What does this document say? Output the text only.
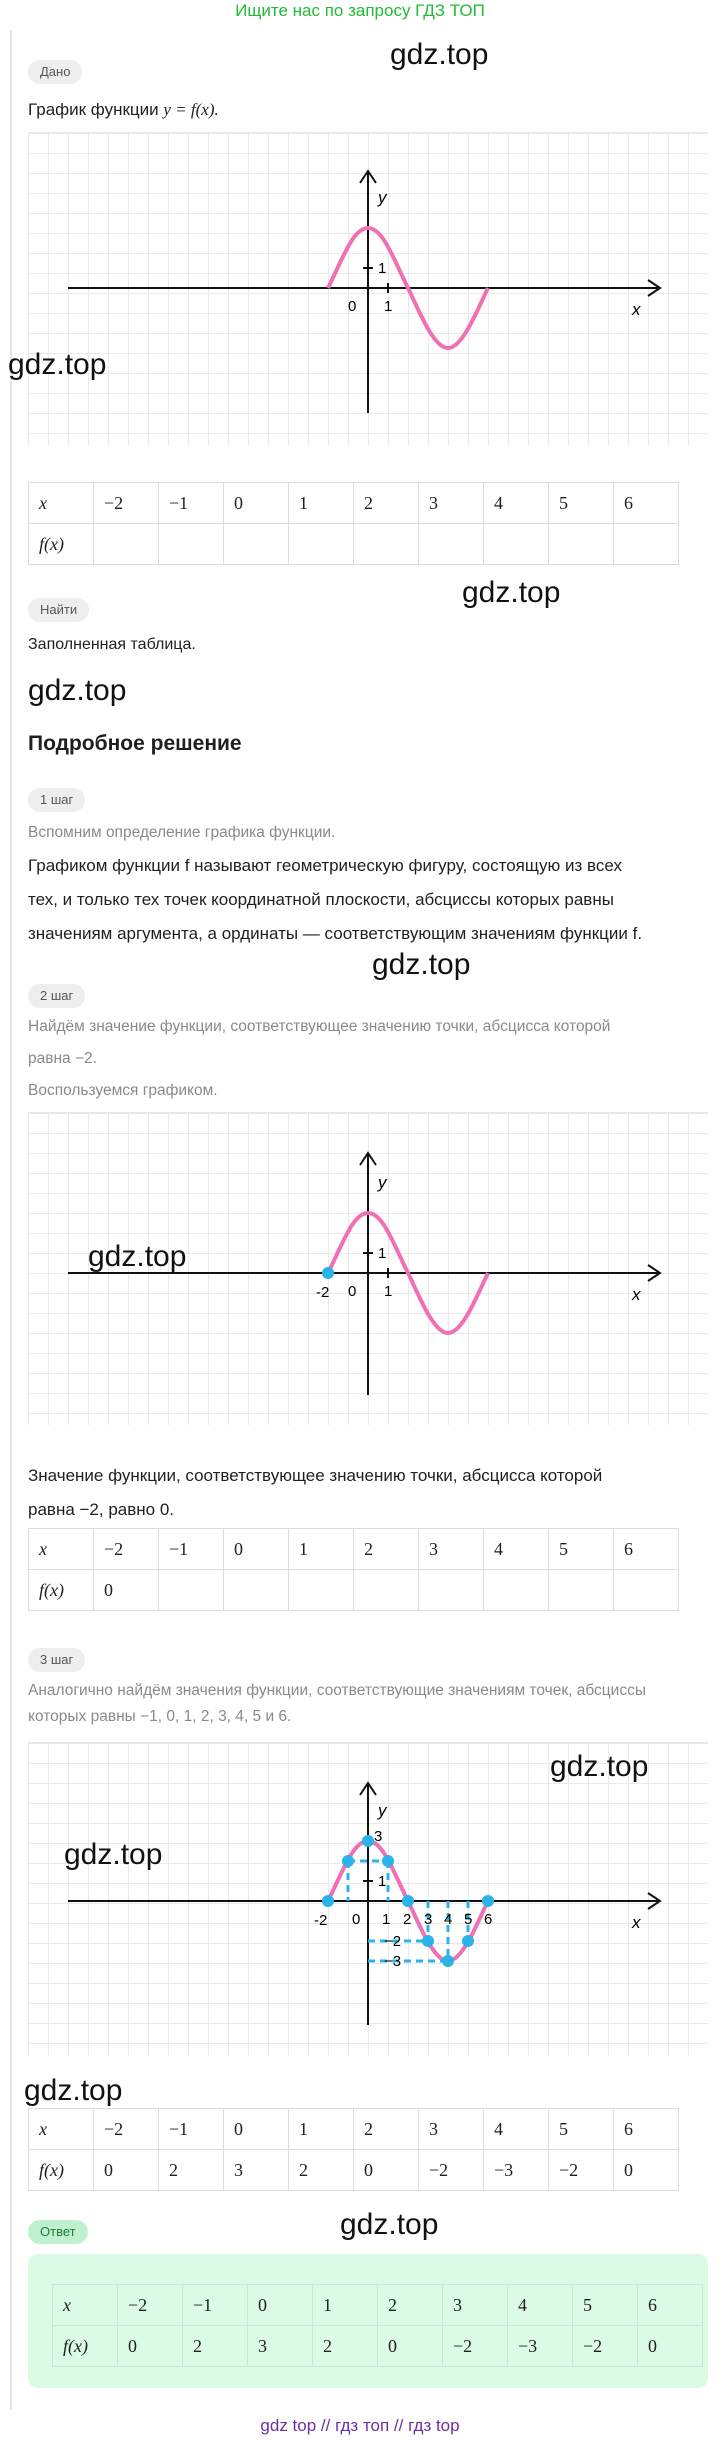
Ищите нас по запросу ГДЗ ТОП
Дано
gdz.top
График функции y = f(x).
y
x
0 1
1
gdz.top
x	−2	−1	0	1	2	3	4	5	6
f(x)									
Найти
gdz.top
Заполненная таблица.
gdz.top
Подробное решение
1 шаг
Вспомним определение графика функции.
Графиком функции f называют геометрическую фигуру, состоящую из всех
тех, и только тех точек координатной плоскости, абсциссы которых равны
значениям аргумента, а ординаты — соответствующим значениям функции f.
gdz.top
2 шаг
Найдём значение функции, соответствующее значению точки, абсцисса которой
равна −2.
Воспользуемся графиком.
y
x
-2 0 1
1
gdz.top
Значение функции, соответствующее значению точки, абсцисса которой
равна −2, равно 0.
x	−2	−1	0	1	2	3	4	5	6
f(x)	0								
3 шаг
Аналогично найдём значения функции, соответствующие значениям точек, абсциссы
которых равны −1, 0, 1, 2, 3, 4, 5 и 6.
y
x
3
1
-2 0 1 2 3 4 5 6
−2
−3
gdz.top
gdz.top
gdz.top
x	−2	−1	0	1	2	3	4	5	6
f(x)	0	2	3	2	0	−2	−3	−2	0
gdz.top
Ответ
x	−2	−1	0	1	2	3	4	5	6
f(x)	0	2	3	2	0	−2	−3	−2	0
gdz top // гдз топ // гдз top
